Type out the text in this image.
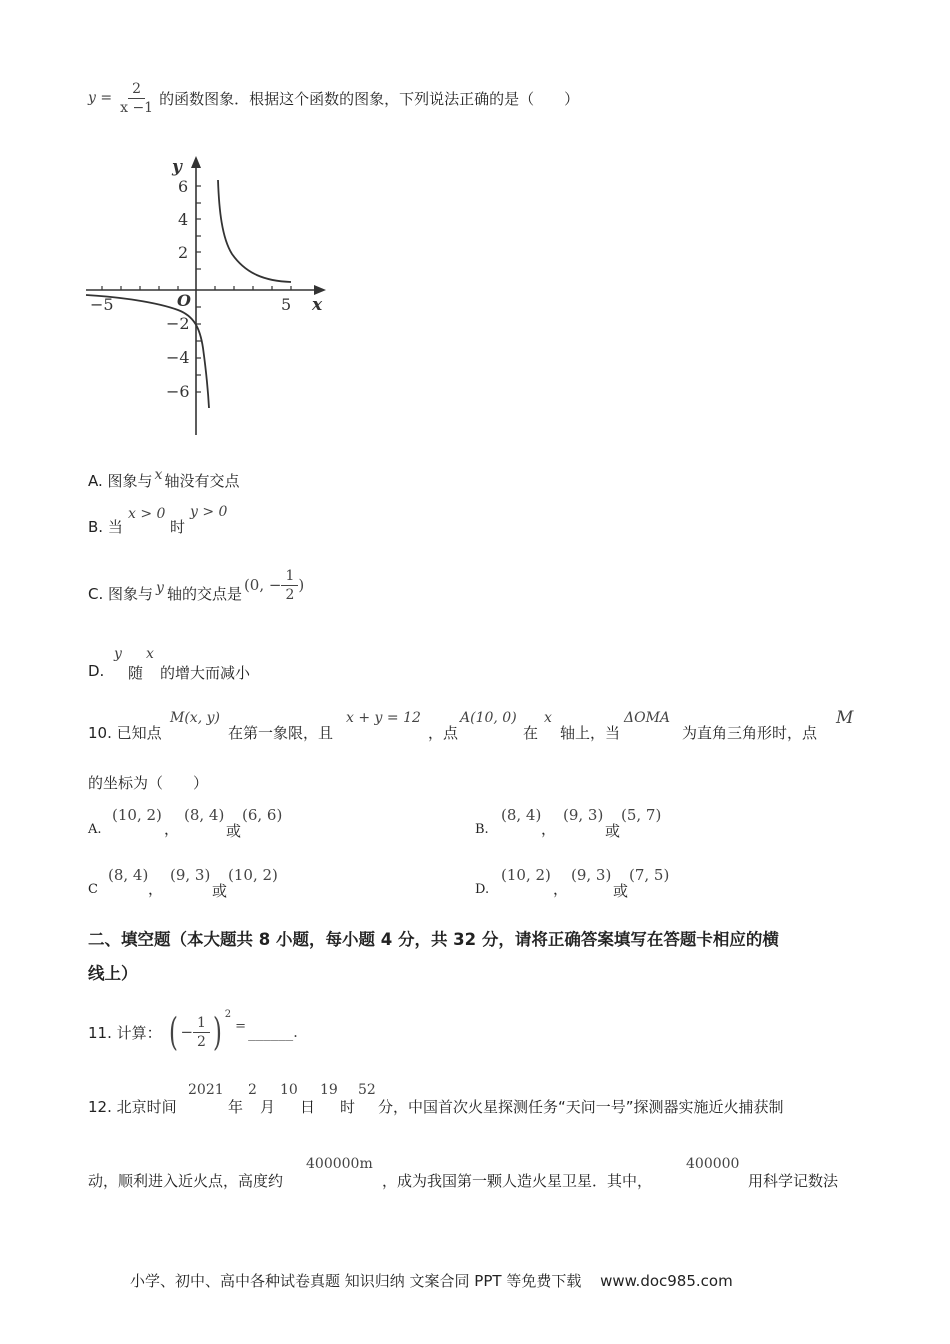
$y = \frac{2}{x -1}$ 的函数图象．根据这个函数的图象，下列说法正确的是（　　）
y
x
O
6
4
2
−2
−4
−6
−5	5
A. 图象与 x 轴没有交点
B. 当
x > 0
时
y > 0
C. 图象与 y 轴的交点是 (0, − $\frac{1}{2}$ )
D.
y
随
x
的增大而减小
10. 已知点
M(x, y)
在第一象限，且
x + y = 12
，点
A(10, 0)
在
x
轴上，当
ΔOMA
为直角三角形时，点
M
的坐标为（　　）
A.
(10, 2)
，
(8, 4)
或
(6, 6)
B.
(8, 4)
，
(9, 3)
或
(5, 7)
C
(8, 4)
，
(9, 3)
或
(10, 2)
D.
(10, 2)
，
(9, 3)
或
(7, 5)
二、填空题（本大题共 8 小题，每小题 4 分，共 32 分，请将正确答案填写在答题卡相应的横
线上）
11. 计算： ( − $\frac{1}{2}$ ) 2
= ______ .
12. 北京时间
2021
年
2
月
10
日
19
时
52
分，中国首次火星探测任务“天问一号”探测器实施近火捕获制
动，顺利进入近火点，高度约
400000m
，成为我国第一颗人造火星卫星．其中，
400000
用科学记数法
小学、初中、高中各种试卷真题 知识归纳 文案合同 PPT 等免费下载 www.doc985.com
